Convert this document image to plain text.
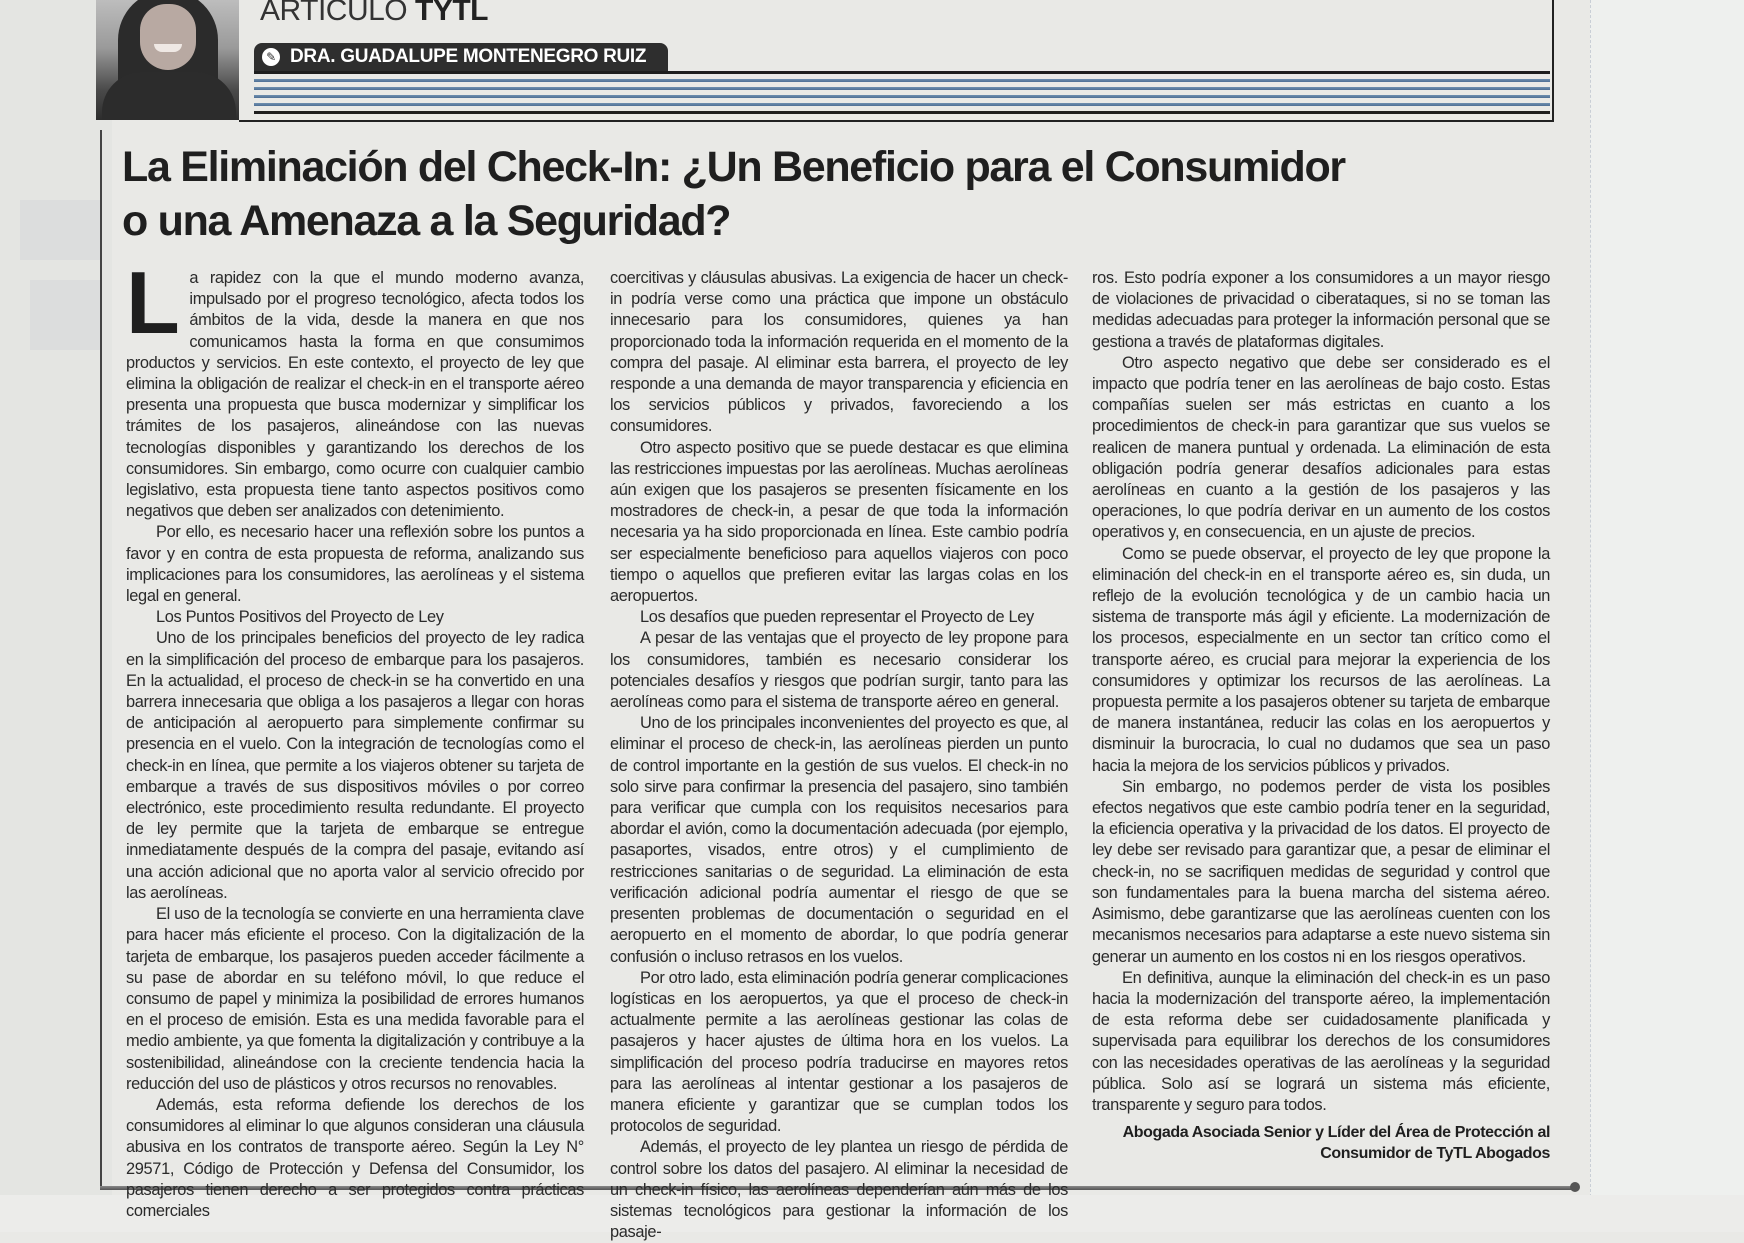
ARTICULO TYTL
✎ DRA. GUADALUPE MONTENEGRO RUIZ
La Eliminación del Check-In: ¿Un Beneficio para el Consumidor
o una Amenaza a la Seguridad?

La rapidez con la que el mundo moderno avanza, impulsado por el progreso tecnológico, afecta todos los ámbitos de la vida, desde la manera en que nos comunicamos hasta la forma en que consumimos productos y servicios. En este contexto, el proyecto de ley que elimina la obligación de realizar el check-in en el transporte aéreo presenta una propuesta que busca modernizar y simplificar los trámites de los pasajeros, alineándose con las nuevas tecnologías disponibles y garantizando los derechos de los consumidores. Sin embargo, como ocurre con cualquier cambio legislativo, esta propuesta tiene tanto aspectos positivos como negativos que deben ser analizados con detenimiento.

Por ello, es necesario hacer una reflexión sobre los puntos a favor y en contra de esta propuesta de reforma, analizando sus implicaciones para los consumidores, las aerolíneas y el sistema legal en general.

Los Puntos Positivos del Proyecto de Ley

Uno de los principales beneficios del proyecto de ley radica en la simplificación del proceso de embarque para los pasajeros. En la actualidad, el proceso de check-in se ha convertido en una barrera innecesaria que obliga a los pasajeros a llegar con horas de anticipación al aeropuerto para simplemente confirmar su presencia en el vuelo. Con la integración de tecnologías como el check-in en línea, que permite a los viajeros obtener su tarjeta de embarque a través de sus dispositivos móviles o por correo electrónico, este procedimiento resulta redundante. El proyecto de ley permite que la tarjeta de embarque se entregue inmediatamente después de la compra del pasaje, evitando así una acción adicional que no aporta valor al servicio ofrecido por las aerolíneas.

El uso de la tecnología se convierte en una herramienta clave para hacer más eficiente el proceso. Con la digitalización de la tarjeta de embarque, los pasajeros pueden acceder fácilmente a su pase de abordar en su teléfono móvil, lo que reduce el consumo de papel y minimiza la posibilidad de errores humanos en el proceso de emisión. Esta es una medida favorable para el medio ambiente, ya que fomenta la digitalización y contribuye a la sostenibilidad, alineándose con la creciente tendencia hacia la reducción del uso de plásticos y otros recursos no renovables.

Además, esta reforma defiende los derechos de los consumidores al eliminar lo que algunos consideran una cláusula abusiva en los contratos de transporte aéreo. Según la Ley N° 29571, Código de Protección y Defensa del Consumidor, los pasajeros tienen derecho a ser protegidos contra prácticas comerciales

coercitivas y cláusulas abusivas. La exigencia de hacer un check-in podría verse como una práctica que impone un obstáculo innecesario para los consumidores, quienes ya han proporcionado toda la información requerida en el momento de la compra del pasaje. Al eliminar esta barrera, el proyecto de ley responde a una demanda de mayor transparencia y eficiencia en los servicios públicos y privados, favoreciendo a los consumidores.

Otro aspecto positivo que se puede destacar es que elimina las restricciones impuestas por las aerolíneas. Muchas aerolíneas aún exigen que los pasajeros se presenten físicamente en los mostradores de check-in, a pesar de que toda la información necesaria ya ha sido proporcionada en línea. Este cambio podría ser especialmente beneficioso para aquellos viajeros con poco tiempo o aquellos que prefieren evitar las largas colas en los aeropuertos.

Los desafíos que pueden representar el Proyecto de Ley

A pesar de las ventajas que el proyecto de ley propone para los consumidores, también es necesario considerar los potenciales desafíos y riesgos que podrían surgir, tanto para las aerolíneas como para el sistema de transporte aéreo en general.

Uno de los principales inconvenientes del proyecto es que, al eliminar el proceso de check-in, las aerolíneas pierden un punto de control importante en la gestión de sus vuelos. El check-in no solo sirve para confirmar la presencia del pasajero, sino también para verificar que cumpla con los requisitos necesarios para abordar el avión, como la documentación adecuada (por ejemplo, pasaportes, visados, entre otros) y el cumplimiento de restricciones sanitarias o de seguridad. La eliminación de esta verificación adicional podría aumentar el riesgo de que se presenten problemas de documentación o seguridad en el aeropuerto en el momento de abordar, lo que podría generar confusión o incluso retrasos en los vuelos.

Por otro lado, esta eliminación podría generar complicaciones logísticas en los aeropuertos, ya que el proceso de check-in actualmente permite a las aerolíneas gestionar las colas de pasajeros y hacer ajustes de última hora en los vuelos. La simplificación del proceso podría traducirse en mayores retos para las aerolíneas al intentar gestionar a los pasajeros de manera eficiente y garantizar que se cumplan todos los protocolos de seguridad.

Además, el proyecto de ley plantea un riesgo de pérdida de control sobre los datos del pasajero. Al eliminar la necesidad de un check-in físico, las aerolíneas dependerían aún más de los sistemas tecnológicos para gestionar la información de los pasaje-

ros. Esto podría exponer a los consumidores a un mayor riesgo de violaciones de privacidad o ciberataques, si no se toman las medidas adecuadas para proteger la información personal que se gestiona a través de plataformas digitales.

Otro aspecto negativo que debe ser considerado es el impacto que podría tener en las aerolíneas de bajo costo. Estas compañías suelen ser más estrictas en cuanto a los procedimientos de check-in para garantizar que sus vuelos se realicen de manera puntual y ordenada. La eliminación de esta obligación podría generar desafíos adicionales para estas aerolíneas en cuanto a la gestión de los pasajeros y las operaciones, lo que podría derivar en un aumento de los costos operativos y, en consecuencia, en un ajuste de precios.

Como se puede observar, el proyecto de ley que propone la eliminación del check-in en el transporte aéreo es, sin duda, un reflejo de la evolución tecnológica y de un cambio hacia un sistema de transporte más ágil y eficiente. La modernización de los procesos, especialmente en un sector tan crítico como el transporte aéreo, es crucial para mejorar la experiencia de los consumidores y optimizar los recursos de las aerolíneas. La propuesta permite a los pasajeros obtener su tarjeta de embarque de manera instantánea, reducir las colas en los aeropuertos y disminuir la burocracia, lo cual no dudamos que sea un paso hacia la mejora de los servicios públicos y privados.

Sin embargo, no podemos perder de vista los posibles efectos negativos que este cambio podría tener en la seguridad, la eficiencia operativa y la privacidad de los datos. El proyecto de ley debe ser revisado para garantizar que, a pesar de eliminar el check-in, no se sacrifiquen medidas de seguridad y control que son fundamentales para la buena marcha del sistema aéreo. Asimismo, debe garantizarse que las aerolíneas cuenten con los mecanismos necesarios para adaptarse a este nuevo sistema sin generar un aumento en los costos ni en los riesgos operativos.

En definitiva, aunque la eliminación del check-in es un paso hacia la modernización del transporte aéreo, la implementación de esta reforma debe ser cuidadosamente planificada y supervisada para equilibrar los derechos de los consumidores con las necesidades operativas de las aerolíneas y la seguridad pública. Solo así se logrará un sistema más eficiente, transparente y seguro para todos.

Abogada Asociada Senior y Líder del Área de Protección al
Consumidor de TyTL Abogados
